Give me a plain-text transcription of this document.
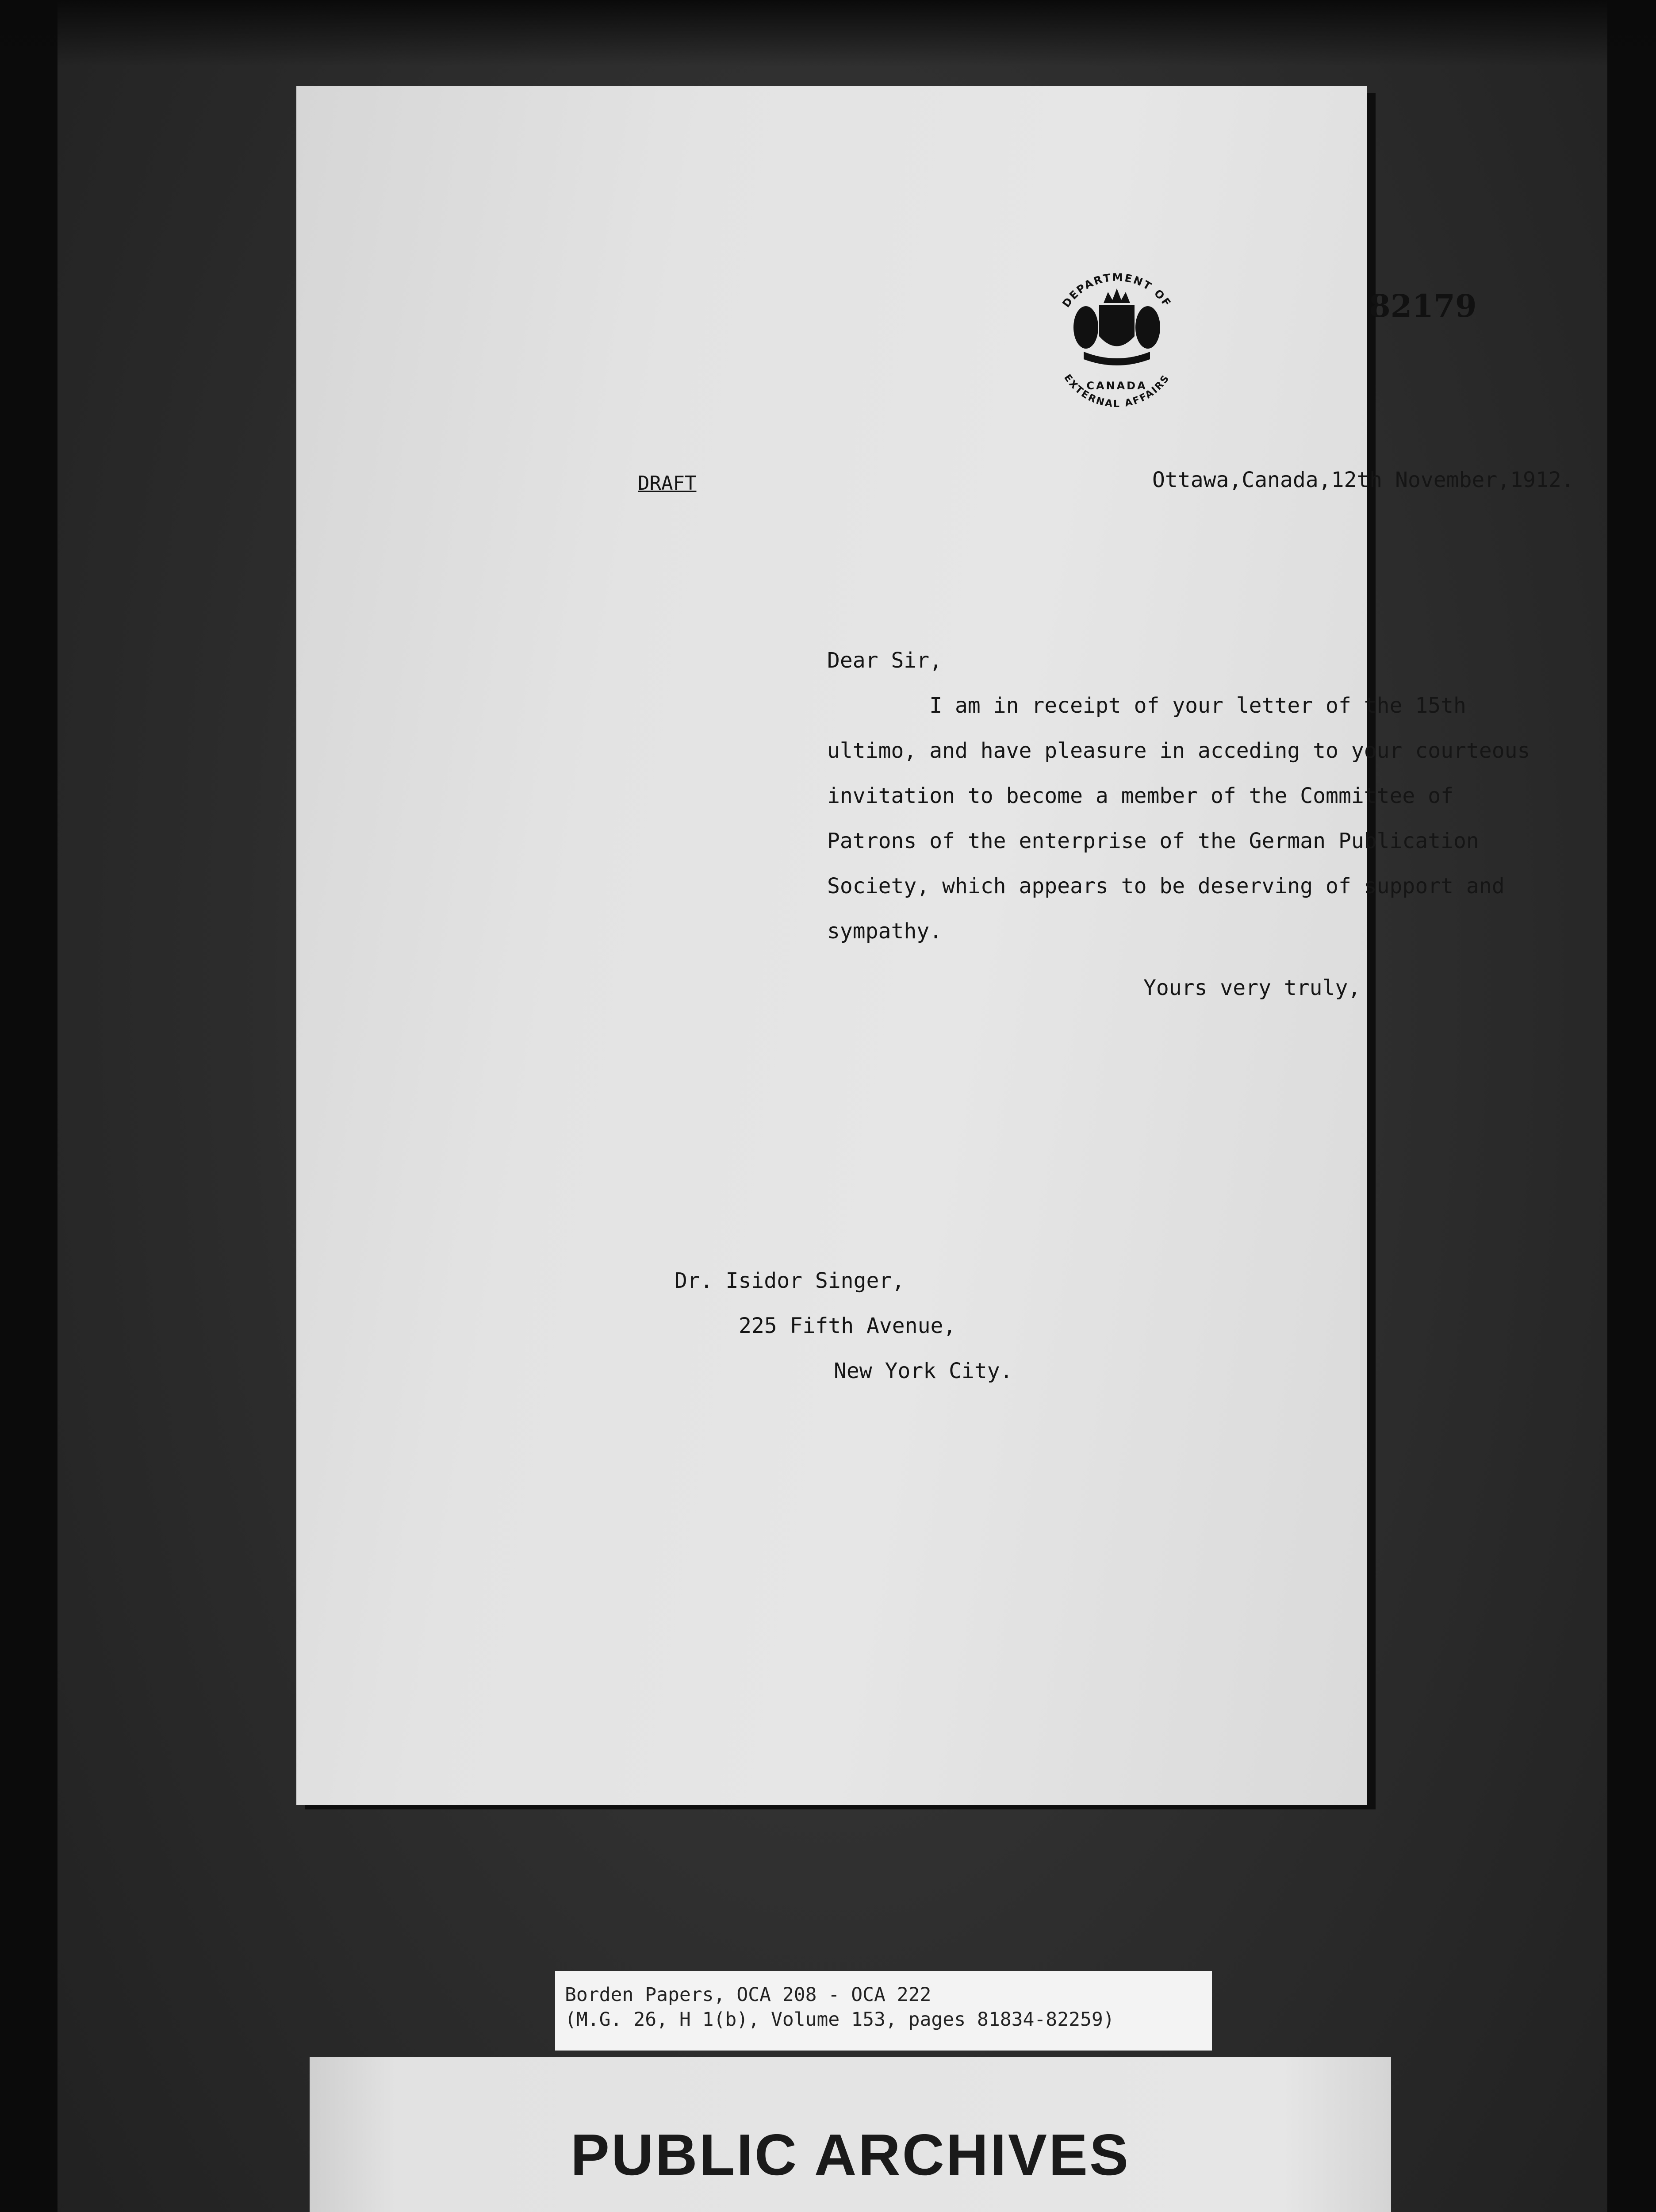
82179
DEPARTMENT OF
EXTERNAL AFFAIRS
CANADA
DRAFT	Ottawa,Canada,12th November,1912.
Dear Sir,
I am in receipt of your letter of the 15th
ultimo, and have pleasure in acceding to your courteous
invitation to become a member of the Committee of
Patrons of the enterprise of the German Publication
Society, which appears to be deserving of support and
sympathy.
Yours very truly,
Dr. Isidor Singer,
225 Fifth Avenue,
New York City.
Borden Papers, OCA 208 - OCA 222
(M.G. 26, H 1(b), Volume 153, pages 81834-82259)
PUBLIC ARCHIVES
